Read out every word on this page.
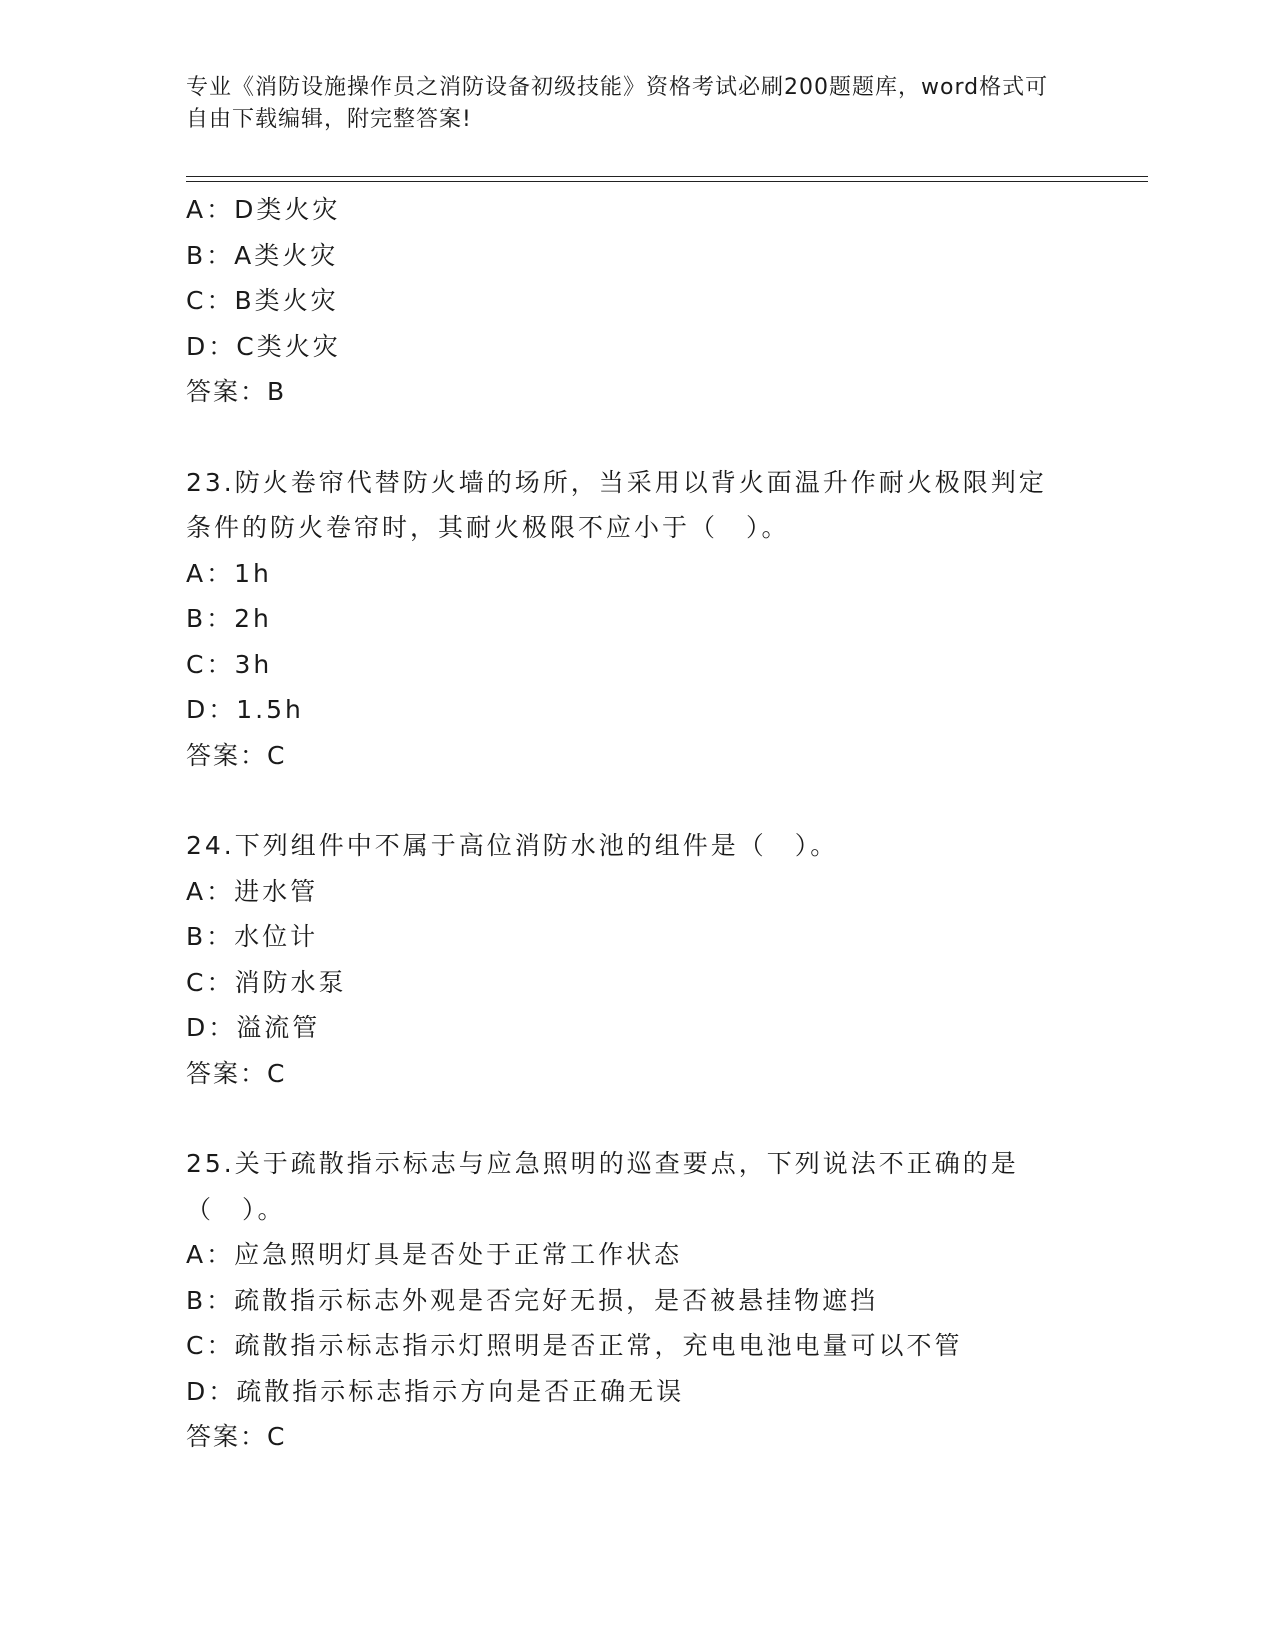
专业《消防设施操作员之消防设备初级技能》资格考试必刷200题题库，word格式可自由下载编辑，附完整答案!
A：D类火灾
B：A类火灾
C：B类火灾
D：C类火灾
答案：B
23.防火卷帘代替防火墙的场所，当采用以背火面温升作耐火极限判定条件的防火卷帘时，其耐火极限不应小于（　）。
A：1h
B：2h
C：3h
D：1.5h
答案：C
24.下列组件中不属于高位消防水池的组件是（　）。
A：进水管
B：水位计
C：消防水泵
D：溢流管
答案：C
25.关于疏散指示标志与应急照明的巡查要点，下列说法不正确的是（　）。
A：应急照明灯具是否处于正常工作状态
B：疏散指示标志外观是否完好无损，是否被悬挂物遮挡
C：疏散指示标志指示灯照明是否正常，充电电池电量可以不管
D：疏散指示标志指示方向是否正确无误
答案：C
